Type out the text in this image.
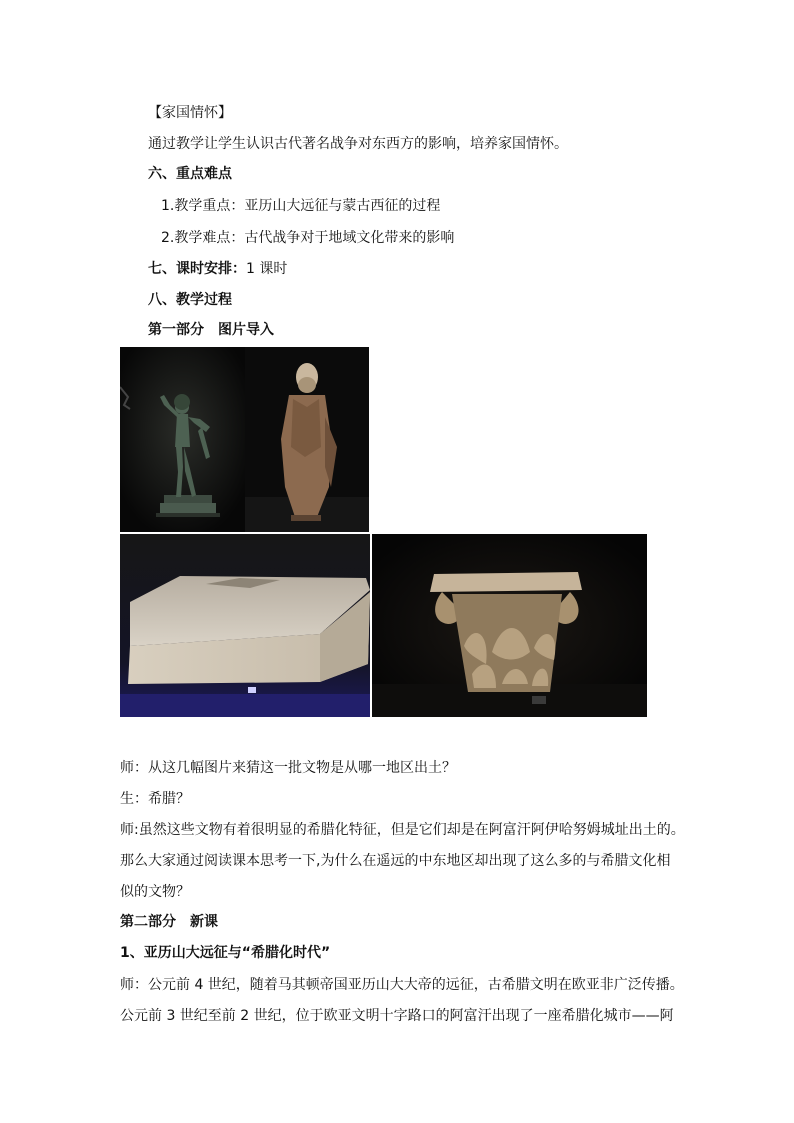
【家国情怀】
通过教学让学生认识古代著名战争对东西方的影响，培养家国情怀。
六、重点难点
1.教学重点：亚历山大远征与蒙古西征的过程
2.教学难点：古代战争对于地域文化带来的影响
七、课时安排：1 课时
八、教学过程
第一部分　图片导入
师：从这几幅图片来猜这一批文物是从哪一地区出土？
生：希腊？
师:虽然这些文物有着很明显的希腊化特征，但是它们却是在阿富汗阿伊哈努姆城址出土的。
那么大家通过阅读课本思考一下,为什么在遥远的中东地区却出现了这么多的与希腊文化相
似的文物？
第二部分　新课
1、亚历山大远征与“希腊化时代”
师：公元前 4 世纪，随着马其顿帝国亚历山大大帝的远征，古希腊文明在欧亚非广泛传播。
公元前 3 世纪至前 2 世纪，位于欧亚文明十字路口的阿富汗出现了一座希腊化城市——阿
